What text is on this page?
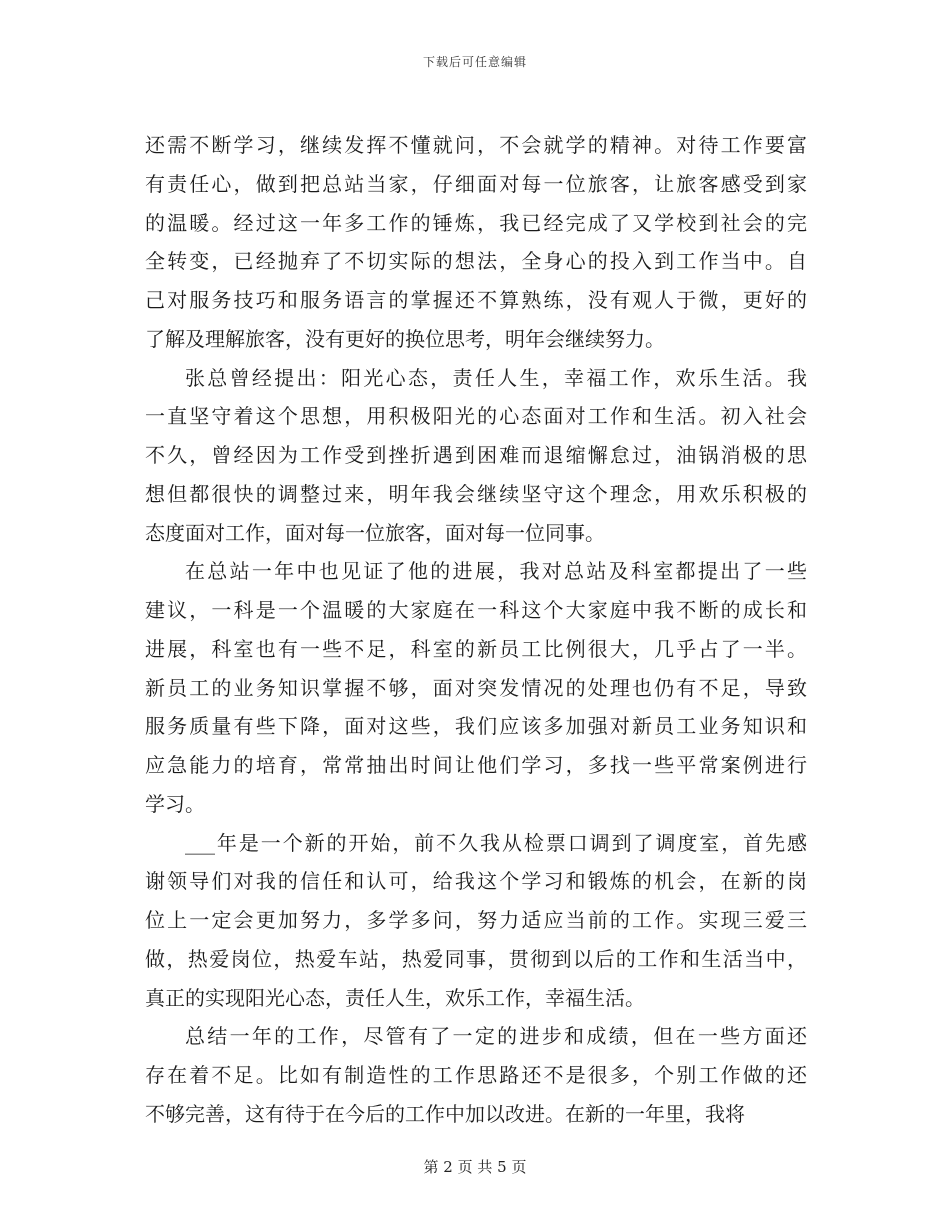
下载后可任意编辑
还需不断学习，继续发挥不懂就问，不会就学的精神。对待工作要富
有责任心，做到把总站当家，仔细面对每一位旅客，让旅客感受到家
的温暖。经过这一年多工作的锤炼，我已经完成了又学校到社会的完
全转变，已经抛弃了不切实际的想法，全身心的投入到工作当中。自
己对服务技巧和服务语言的掌握还不算熟练，没有观人于微，更好的
了解及理解旅客，没有更好的换位思考，明年会继续努力。
张总曾经提出：阳光心态，责任人生，幸福工作，欢乐生活。我
一直坚守着这个思想，用积极阳光的心态面对工作和生活。初入社会
不久，曾经因为工作受到挫折遇到困难而退缩懈怠过，油锅消极的思
想但都很快的调整过来，明年我会继续坚守这个理念，用欢乐积极的
态度面对工作，面对每一位旅客，面对每一位同事。
在总站一年中也见证了他的进展，我对总站及科室都提出了一些
建议，一科是一个温暖的大家庭在一科这个大家庭中我不断的成长和
进展，科室也有一些不足，科室的新员工比例很大，几乎占了一半。
新员工的业务知识掌握不够，面对突发情况的处理也仍有不足，导致
服务质量有些下降，面对这些，我们应该多加强对新员工业务知识和
应急能力的培育，常常抽出时间让他们学习，多找一些平常案例进行
学习。
___年是一个新的开始，前不久我从检票口调到了调度室，首先感
谢领导们对我的信任和认可，给我这个学习和锻炼的机会，在新的岗
位上一定会更加努力，多学多问，努力适应当前的工作。实现三爱三
做，热爱岗位，热爱车站，热爱同事，贯彻到以后的工作和生活当中，
真正的实现阳光心态，责任人生，欢乐工作，幸福生活。
总结一年的工作，尽管有了一定的进步和成绩，但在一些方面还
存在着不足。比如有制造性的工作思路还不是很多，个别工作做的还
不够完善，这有待于在今后的工作中加以改进。在新的一年里，我将
第 2 页 共 5 页
